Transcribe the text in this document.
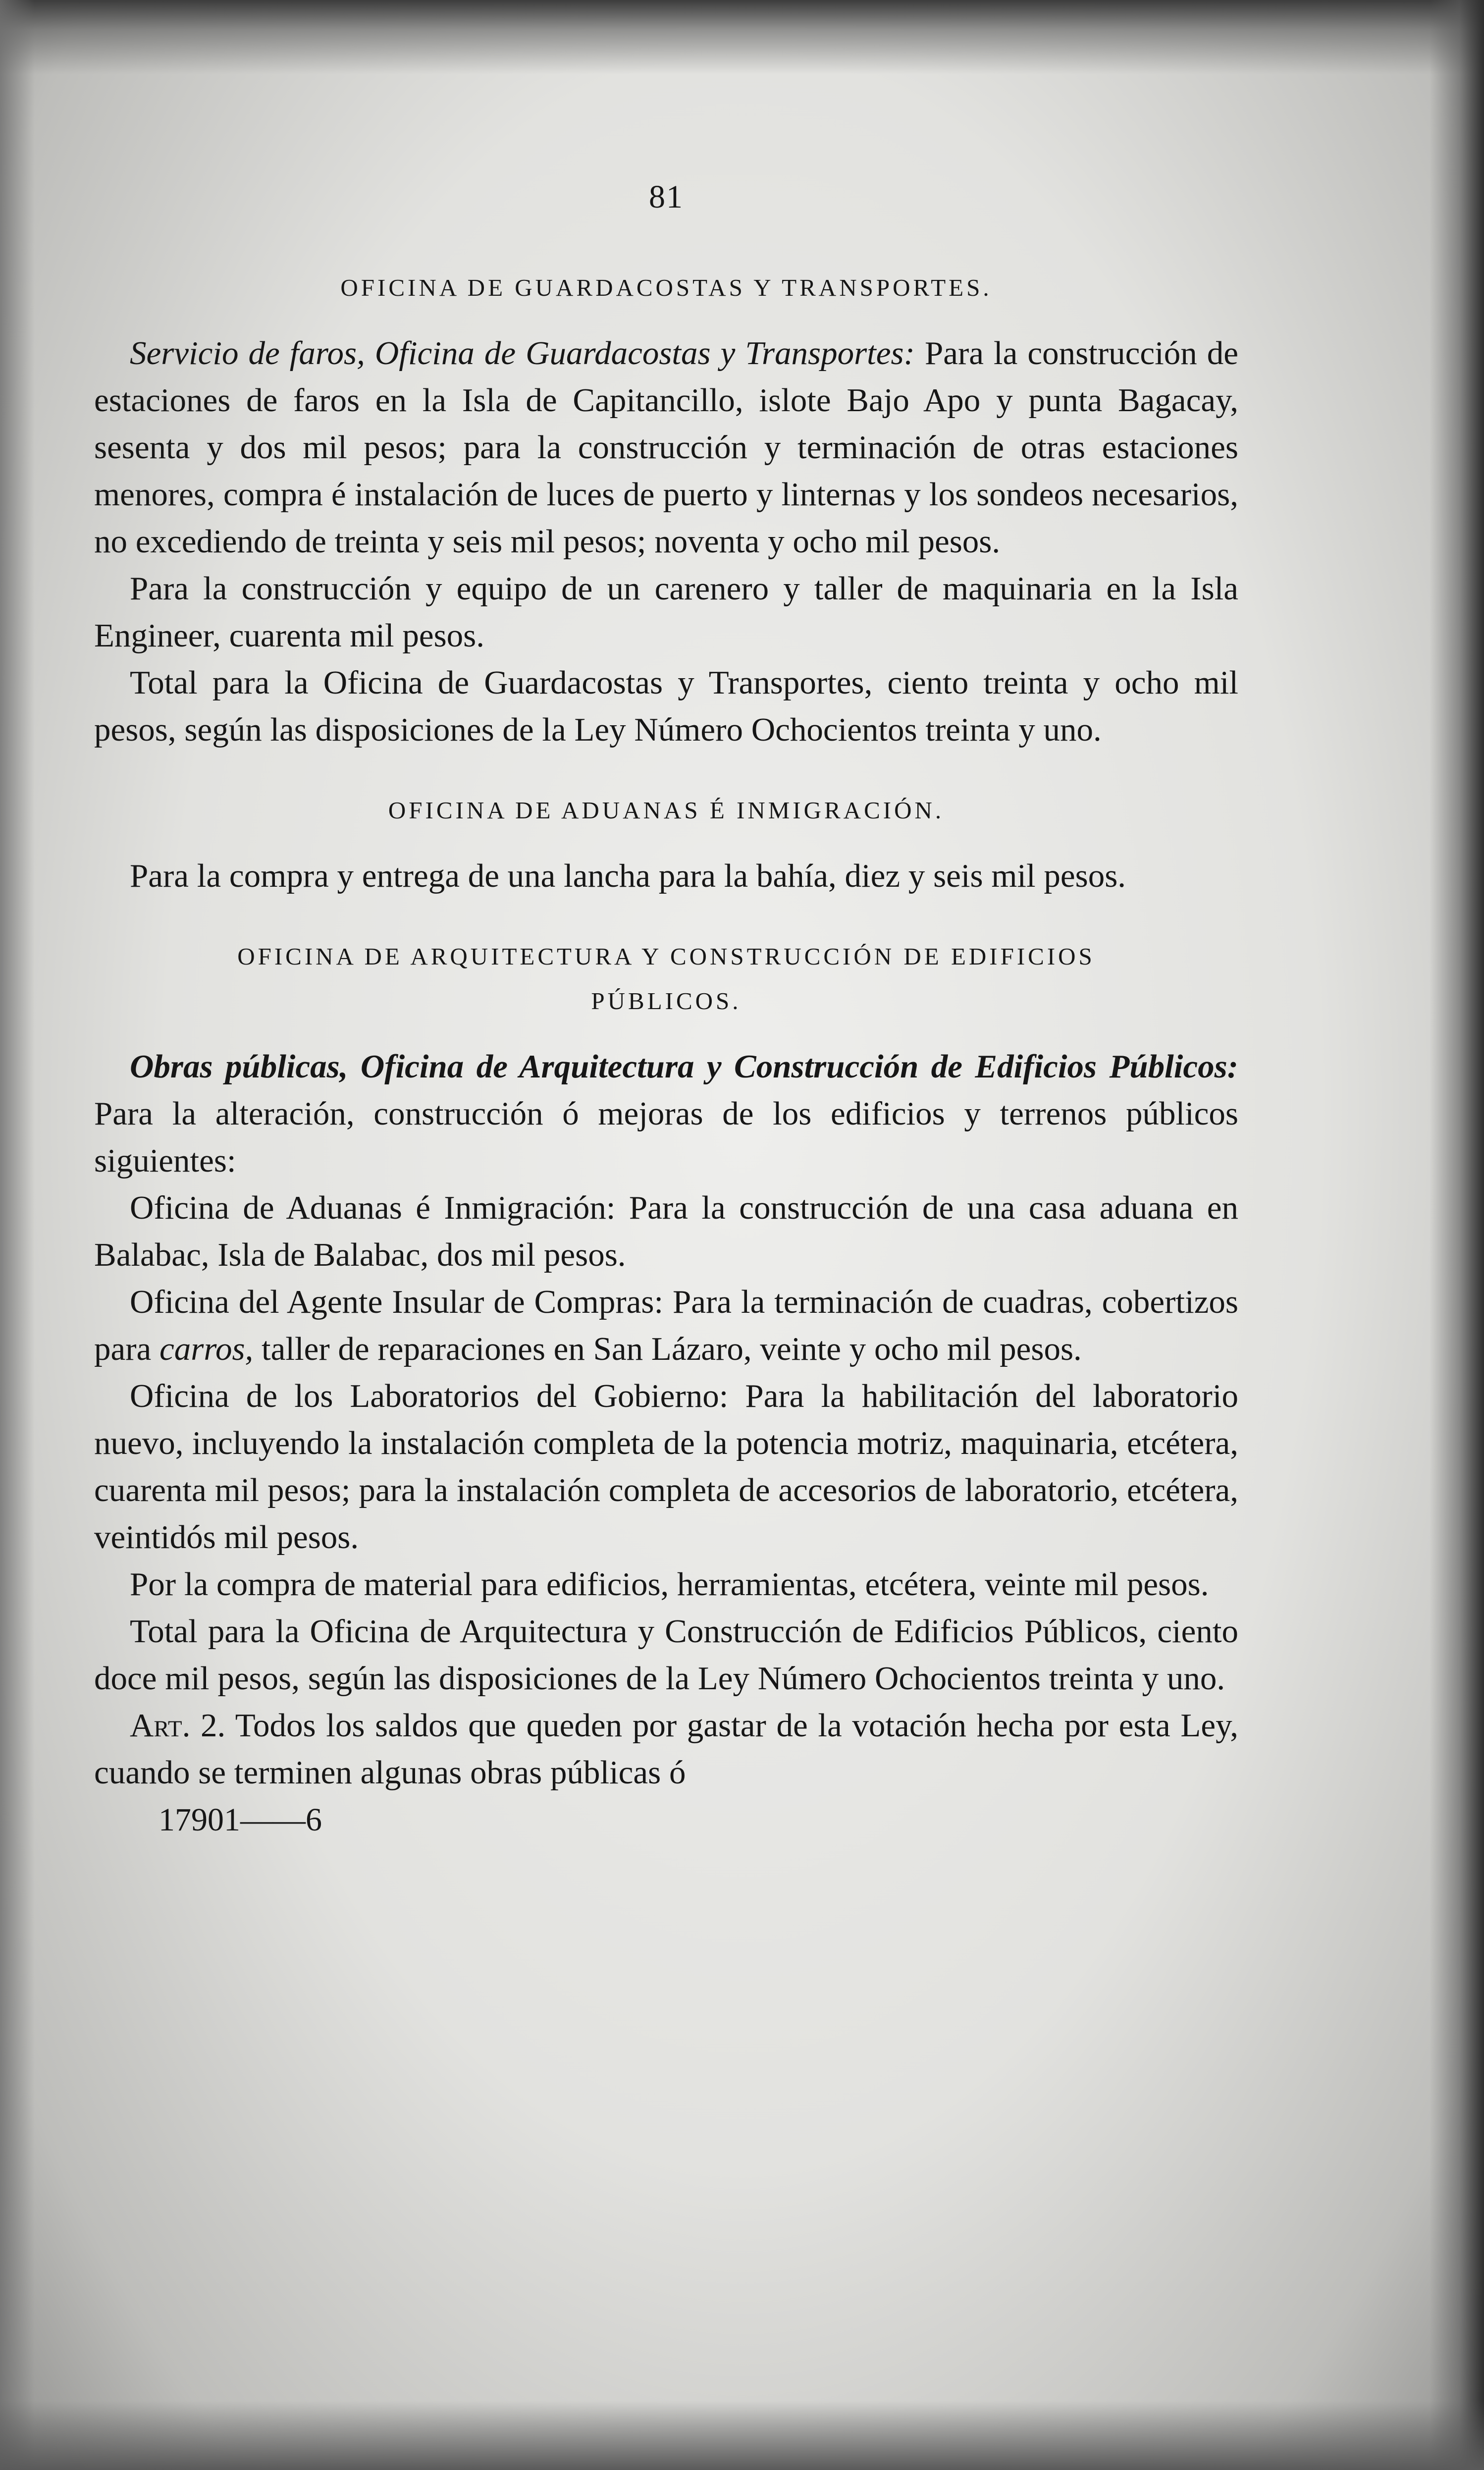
81
OFICINA DE GUARDACOSTAS Y TRANSPORTES.

Servicio de faros, Oficina de Guardacostas y Transportes: Para la construcción de estaciones de faros en la Isla de Capitancillo, islote Bajo Apo y punta Bagacay, sesenta y dos mil pesos; para la construcción y terminación de otras estaciones menores, compra é instalación de luces de puerto y linternas y los sondeos necesarios, no excediendo de treinta y seis mil pesos; noventa y ocho mil pesos.

Para la construcción y equipo de un carenero y taller de maquinaria en la Isla Engineer, cuarenta mil pesos.

Total para la Oficina de Guardacostas y Transportes, ciento treinta y ocho mil pesos, según las disposiciones de la Ley Número Ochocientos treinta y uno.

OFICINA DE ADUANAS É INMIGRACIÓN.

Para la compra y entrega de una lancha para la bahía, diez y seis mil pesos.

OFICINA DE ARQUITECTURA Y CONSTRUCCIÓN DE EDIFICIOS
PÚBLICOS.

Obras públicas, Oficina de Arquitectura y Construcción de Edificios Públicos: Para la alteración, construcción ó mejoras de los edificios y terrenos públicos siguientes:

Oficina de Aduanas é Inmigración: Para la construcción de una casa aduana en Balabac, Isla de Balabac, dos mil pesos.

Oficina del Agente Insular de Compras: Para la terminación de cuadras, cobertizos para carros, taller de reparaciones en San Lázaro, veinte y ocho mil pesos.

Oficina de los Laboratorios del Gobierno: Para la habilitación del laboratorio nuevo, incluyendo la instalación completa de la potencia motriz, maquinaria, etcétera, cuarenta mil pesos; para la instalación completa de accesorios de laboratorio, etcétera, veintidós mil pesos.

Por la compra de material para edificios, herramientas, etcétera, veinte mil pesos.

Total para la Oficina de Arquitectura y Construcción de Edificios Públicos, ciento doce mil pesos, según las disposiciones de la Ley Número Ochocientos treinta y uno.

Art. 2. Todos los saldos que queden por gastar de la votación hecha por esta Ley, cuando se terminen algunas obras públicas ó

17901——6
